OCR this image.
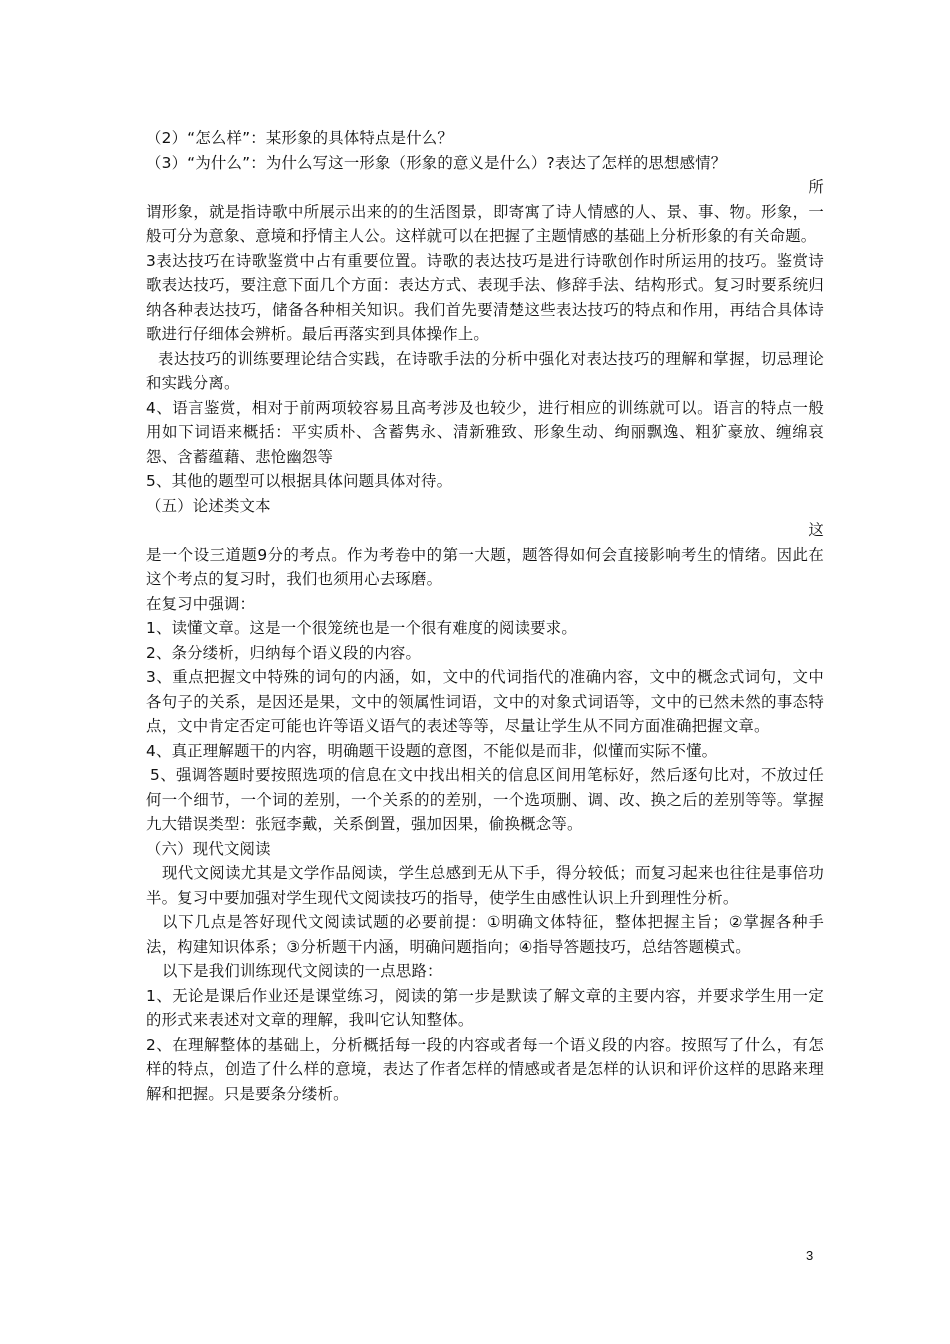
（2）“怎么样”：某形象的具体特点是什么？

（3）“为什么”：为什么写这一形象（形象的意义是什么）?表达了怎样的思想感情？

所

谓形象，就是指诗歌中所展示出来的的生活图景，即寄寓了诗人情感的人、景、事、物。形象，一般可分为意象、意境和抒情主人公。这样就可以在把握了主题情感的基础上分析形象的有关命题。

3表达技巧在诗歌鉴赏中占有重要位置。诗歌的表达技巧是进行诗歌创作时所运用的技巧。鉴赏诗歌表达技巧，要注意下面几个方面：表达方式、表现手法、修辞手法、结构形式。复习时要系统归纳各种表达技巧，储备各种相关知识。我们首先要清楚这些表达技巧的特点和作用，再结合具体诗歌进行仔细体会辨析。最后再落实到具体操作上。

表达技巧的训练要理论结合实践，在诗歌手法的分析中强化对表达技巧的理解和掌握，切忌理论和实践分离。

4、语言鉴赏，相对于前两项较容易且高考涉及也较少，进行相应的训练就可以。语言的特点一般用如下词语来概括：平实质朴、含蓄隽永、清新雅致、形象生动、绚丽飘逸、粗犷豪放、缠绵哀怨、含蓄蕴藉、悲怆幽怨等

5、其他的题型可以根据具体问题具体对待。

（五）论述类文本

这

是一个设三道题9分的考点。作为考卷中的第一大题，题答得如何会直接影响考生的情绪。因此在这个考点的复习时，我们也须用心去琢磨。

在复习中强调：

1、读懂文章。这是一个很笼统也是一个很有难度的阅读要求。

2、条分缕析，归纳每个语义段的内容。

3、重点把握文中特殊的词句的内涵，如，文中的代词指代的准确内容，文中的概念式词句，文中各句子的关系，是因还是果，文中的领属性词语，文中的对象式词语等，文中的已然未然的事态特点，文中肯定否定可能也许等语义语气的表述等等，尽量让学生从不同方面准确把握文章。

4、真正理解题干的内容，明确题干设题的意图，不能似是而非，似懂而实际不懂。

5、强调答题时要按照选项的信息在文中找出相关的信息区间用笔标好，然后逐句比对，不放过任何一个细节，一个词的差别，一个关系的的差别，一个选项删、调、改、换之后的差别等等。掌握九大错误类型：张冠李戴，关系倒置，强加因果，偷换概念等。

（六）现代文阅读

现代文阅读尤其是文学作品阅读，学生总感到无从下手，得分较低；而复习起来也往往是事倍功半。复习中要加强对学生现代文阅读技巧的指导，使学生由感性认识上升到理性分析。

以下几点是答好现代文阅读试题的必要前提：①明确文体特征，整体把握主旨；②掌握各种手法，构建知识体系；③分析题干内涵，明确问题指向；④指导答题技巧，总结答题模式。

以下是我们训练现代文阅读的一点思路：

1、无论是课后作业还是课堂练习，阅读的第一步是默读了解文章的主要内容，并要求学生用一定的形式来表述对文章的理解，我叫它认知整体。

2、在理解整体的基础上，分析概括每一段的内容或者每一个语义段的内容。按照写了什么，有怎样的特点，创造了什么样的意境，表达了作者怎样的情感或者是怎样的认识和评价这样的思路来理解和把握。只是要条分缕析。

3
